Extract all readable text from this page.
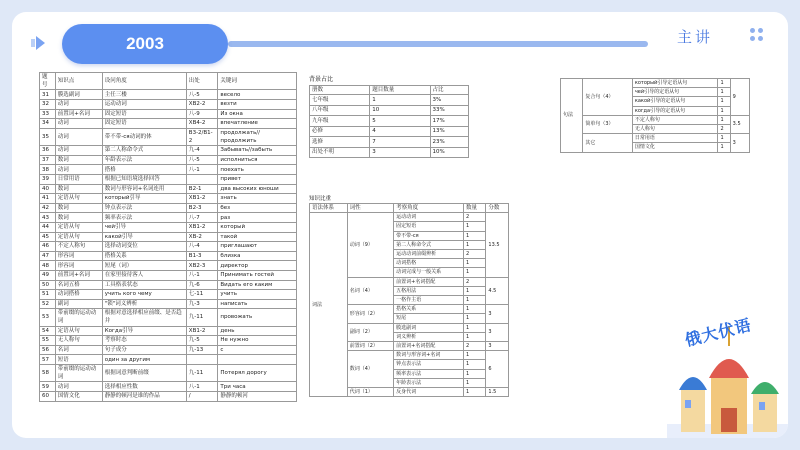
2003	主讲
题号	知识点	设问角度	出处	关键词
31	膜选副词	主任三楼	八-5	весело
32	动词	运动动词	XB2-2	везти
33	前置词+名词	固定短语	八-9	Из окна
34	动词	固定短语	XB4-2	впечатление
35	动词	带不带-ся动词的体	B3-2/B1-2	продолжать//продолжить
36	动词	第二人称命令式	九-4	Забывать//забыть
37	数词	年龄表示法	八-5	исполниться
38	动词	搭格	八-1	поехать
39	日常用语	根据已知语境选择回答		привет
40	数词	数词与形容词+名词连用	B2-1	два высоких юноши
41	定语从句	который引导	XB1-2	знать
42	数词	钟点表示法	B2-3	без
43	数词	频率表示法	八-7	раз
44	定语从句	чей引导	XB1-2	который
45	定语从句	какой引导	XB-2	такой
46	不定人称句	选择动词变位	八-4	приглашают
47	形容词	搭格关系	B1-3	близка
48	形容词	短尾（词）	XB2-3	директор
49	前置词+名词	在家里接待客人	八-1	Принимать гостей
50	名词五格	工具格表状态	九-6	Видать его каким
51	动词搭格	учить кого чему	七-11	учить
52	副词	"锁"词义辨析	九-3	написать
53	带前缀的运动动词	根据对意选择相应前缀、是否趋并	九-11	провожать
54	定语从句	Когда引导	XB1-2	день
55	无人称句	考察时态	九-5	Не нужно
56	名词	句子成分	九-13	с
57	短语	один за другим		
58	带前缀的运动动词	根据词意判断前缀	九-11	Потерял дорогу
59	动词	选择相应性数	八-1	Три часа
60	国情文化	静静的顿河是谁的作品	/	静静的顿河
背景占比
册数	题目数量	占比
七年级	1	3%
八年级	10	33%
九年级	5	17%
必修	4	13%
选修	7	23%
出处不明	3	10%
知识比重
语法体系	词性	考察角度	数量	分数
词法	动词（9）	运动动词	2	13.5
		固定短语	1	
		带不带-ся	1	
		第二人称命令式	1	
		运动动词前缀辨析	2	
		动词搭格	1	
		动词完成与一般关系	1	
	名词（4）	前置词+名词搭配	2	4.5
		五格用法	1	
		一格作主语	1	
	形容词（2）	搭格关系	1	3
		短尾	1	
	副词（2）	膜选副词	1	3
		词义辨析	1	
	前置词（2）	前置词+名词搭配	2	3
	数词（4）	数词与形容词+名词	1	6
		钟点表示法	1	
		频率表示法	1	
		年龄表示法	1	
	代词（1）	反身代词	1	1.5
句法	复合句（4）	который引导定语从句	1	9
		чей引导的定语从句	1	
		какой引导的定语从句	1	
		когда引导的定语从句	1	
	简单句（3）	不定人称句	1	3.5
		无人称句	2	
	其它	日常用语	1	3
		国情文化	1	
俄大伏语
